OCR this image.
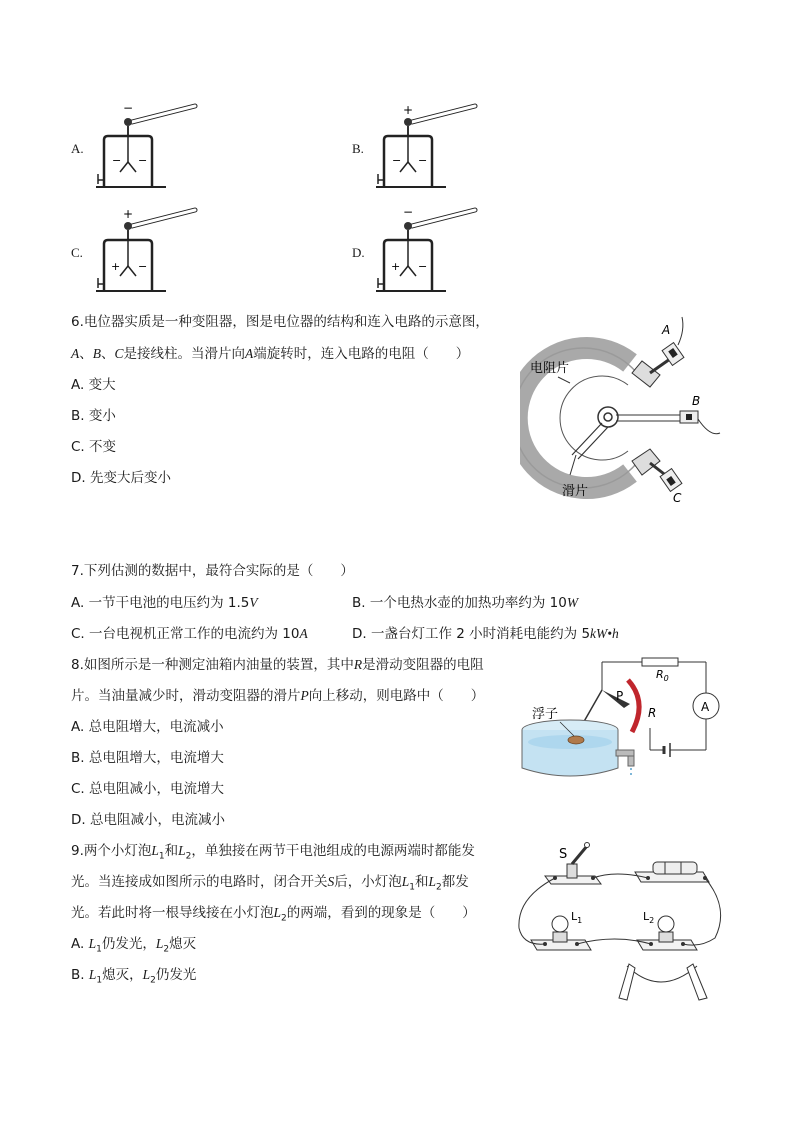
A.
−
− −
B.
+
− −
C.
+
+ −
D.
−
+ −
6.电位器实质是一种变阻器，图是电位器的结构和连入电路的示意图，
A、B、C是接线柱。当滑片向A端旋转时，连入电路的电阻（　　）
A. 变大
B. 变小
C. 不变
D. 先变大后变小
A
C
B
电阻片
滑片
7.下列估测的数据中，最符合实际的是（　　）
A. 一节干电池的电压约为 1.5V	B. 一个电热水壶的加热功率约为 10W
C. 一台电视机正常工作的电流约为 10A	D. 一盏台灯工作 2 小时消耗电能约为 5kW•h
8.如图所示是一种测定油箱内油量的装置，其中R是滑动变阻器的电阻
片。当油量减少时，滑动变阻器的滑片P向上移动，则电路中（　　）
A. 总电阻增大，电流减小
B. 总电阻增大，电流增大
C. 总电阻减小，电流增大
D. 总电阻减小，电流减小
A
$R_0$
R
P
浮子
9.两个小灯泡$L_1$和$L_2$，单独接在两节干电池组成的电源两端时都能发
光。当连接成如图所示的电路时，闭合开关S后，小灯泡$L_1$和$L_2$都发
光。若此时将一根导线接在小灯泡$L_2$的两端，看到的现象是（　　）
A. $L_1$仍发光，$L_2$熄灭
B. $L_1$熄灭，$L_2$仍发光
S
$L_1$	$L_2$
